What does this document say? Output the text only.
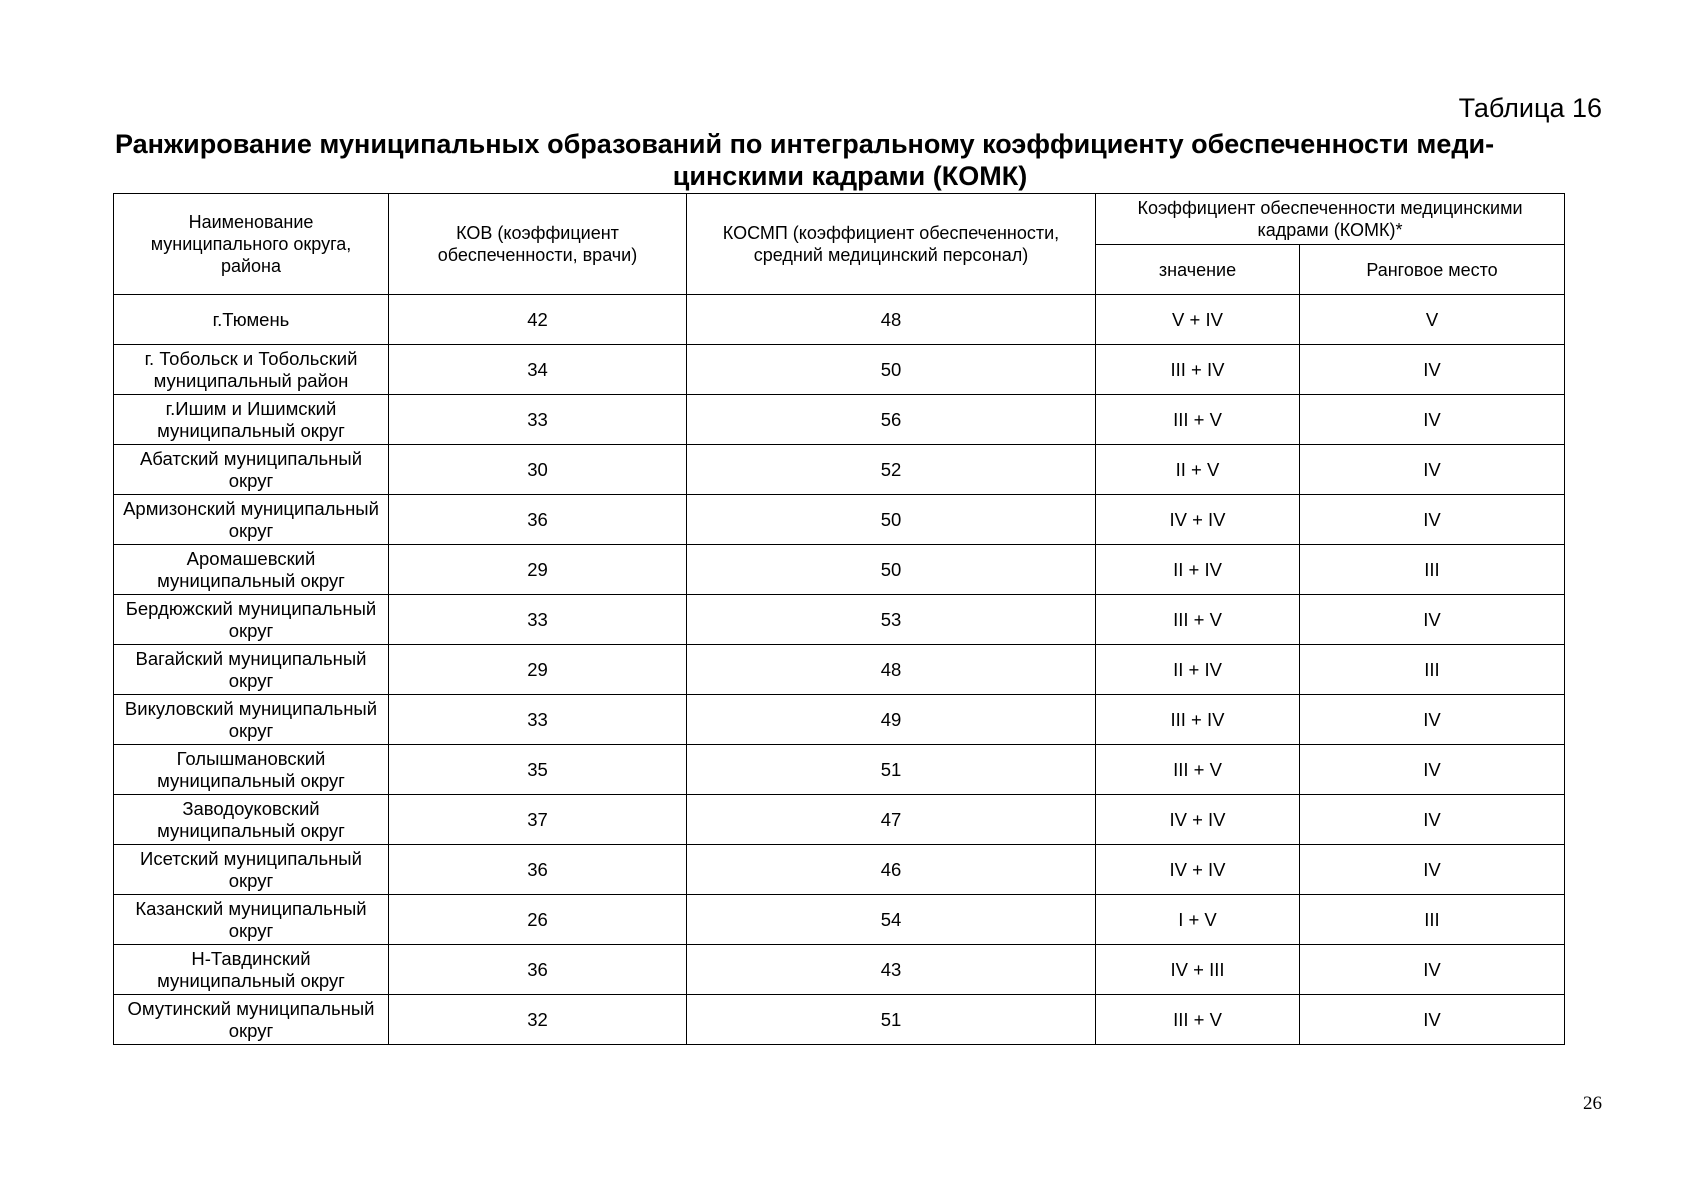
Таблица 16
Ранжирование муниципальных образований по интегральному коэффициенту обеспеченности меди-
цинскими кадрами (КОМК)
Наименование муниципального округа, района	КОВ (коэффициент обеспеченности, врачи)	КОСМП (коэффициент обеспеченности, средний медицинский персонал)	Коэффициент обеспеченности медицинскими кадрами (КОМК)*	
			значение	Ранговое место
г.Тюмень	42	48	V + IV	V
г. Тобольск и Тобольский муниципальный район	34	50	III + IV	IV
г.Ишим и Ишимский муниципальный округ	33	56	III + V	IV
Абатский муниципальный округ	30	52	II + V	IV
Армизонский муниципальный округ	36	50	IV + IV	IV
Аромашевский муниципальный округ	29	50	II + IV	III
Бердюжский муниципальный округ	33	53	III + V	IV
Вагайский муниципальный округ	29	48	II + IV	III
Викуловский муниципальный округ	33	49	III + IV	IV
Голышмановский муниципальный округ	35	51	III + V	IV
Заводоуковский муниципальный округ	37	47	IV + IV	IV
Исетский муниципальный округ	36	46	IV + IV	IV
Казанский муниципальный округ	26	54	I + V	III
Н-Тавдинский муниципальный округ	36	43	IV + III	IV
Омутинский муниципальный округ	32	51	III + V	IV
26
